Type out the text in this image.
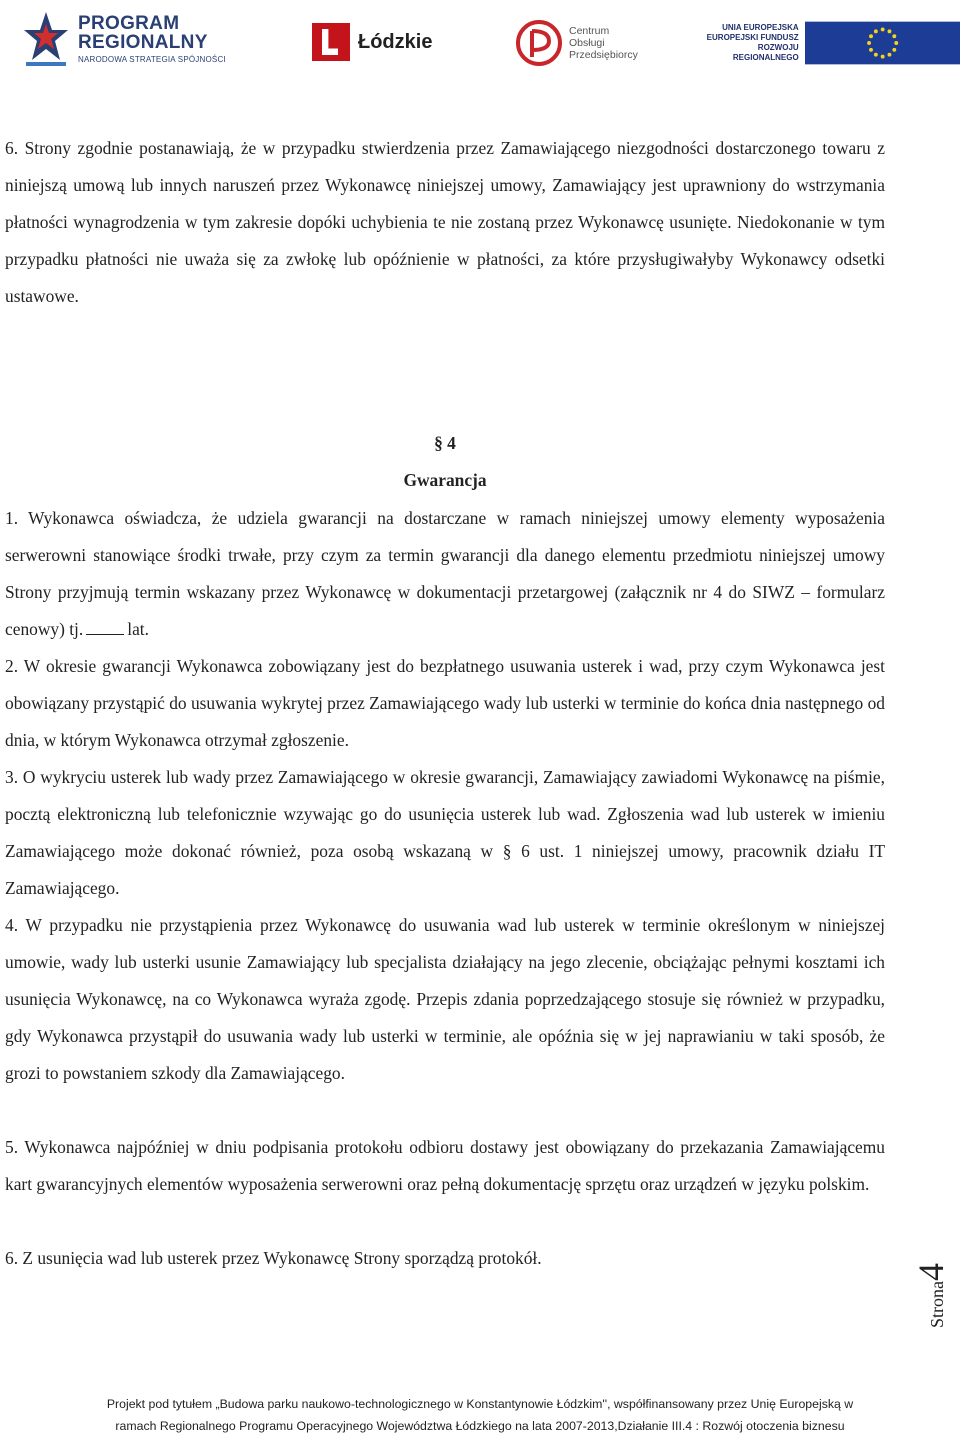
PROGRAM
REGIONALNY
NARODOWA STRATEGIA SPÓJNOŚCI
Łódzkie	Centrum
Obsługi
Przedsiębiorcy
UNIA EUROPEJSKA
EUROPEJSKI FUNDUSZ
ROZWOJU REGIONALNEGO

6. Strony zgodnie postanawiają, że w przypadku stwierdzenia przez Zamawiającego niezgodności dostarczonego towaru z niniejszą umową lub innych naruszeń przez Wykonawcę niniejszej umowy, Zamawiający jest uprawniony do wstrzymania płatności wynagrodzenia w tym zakresie dopóki uchybienia te nie zostaną przez Wykonawcę usunięte. Niedokonanie w tym przypadku płatności nie uważa się za zwłokę lub opóźnienie w płatności, za które przysługiwałyby Wykonawcy odsetki ustawowe.

§ 4

Gwarancja

1. Wykonawca oświadcza, że udziela gwarancji na dostarczane w ramach niniejszej umowy elementy wyposażenia serwerowni stanowiące środki trwałe, przy czym za termin gwarancji dla danego elementu przedmiotu niniejszej umowy Strony przyjmują termin wskazany przez Wykonawcę w dokumentacji przetargowej (załącznik nr 4 do SIWZ – formularz cenowy) tj.	lat.

2. W okresie gwarancji Wykonawca zobowiązany jest do bezpłatnego usuwania usterek i wad, przy czym Wykonawca jest obowiązany przystąpić do usuwania wykrytej przez Zamawiającego wady lub usterki w terminie do końca dnia następnego od dnia, w którym Wykonawca otrzymał zgłoszenie.

3. O wykryciu usterek lub wady przez Zamawiającego w okresie gwarancji, Zamawiający zawiadomi Wykonawcę na piśmie, pocztą elektroniczną lub telefonicznie wzywając go do usunięcia usterek lub wad. Zgłoszenia wad lub usterek w imieniu Zamawiającego może dokonać również, poza osobą wskazaną w § 6 ust. 1 niniejszej umowy, pracownik działu IT Zamawiającego.

4. W przypadku nie przystąpienia przez Wykonawcę do usuwania wad lub usterek w terminie określonym w niniejszej umowie, wady lub usterki usunie Zamawiający lub specjalista działający na jego zlecenie, obciążając pełnymi kosztami ich usunięcia Wykonawcę, na co Wykonawca wyraża zgodę. Przepis zdania poprzedzającego stosuje się również w przypadku, gdy Wykonawca przystąpił do usuwania wady lub usterki w terminie, ale opóźnia się w jej naprawianiu w taki sposób, że grozi to powstaniem szkody dla Zamawiającego.

5. Wykonawca najpóźniej w dniu podpisania protokołu odbioru dostawy jest obowiązany do przekazania Zamawiającemu kart gwarancyjnych elementów wyposażenia serwerowni oraz pełną dokumentację sprzętu oraz urządzeń w języku polskim.

6. Z usunięcia wad lub usterek przez Wykonawcę Strony sporządzą protokół.

Strona4
Projekt pod tytułem „Budowa parku naukowo-technologicznego w Konstantynowie Łódzkim'', współfinansowany przez Unię Europejską w
ramach Regionalnego Programu Operacyjnego Województwa Łódzkiego na lata 2007-2013,Działanie III.4 : Rozwój otoczenia biznesu
